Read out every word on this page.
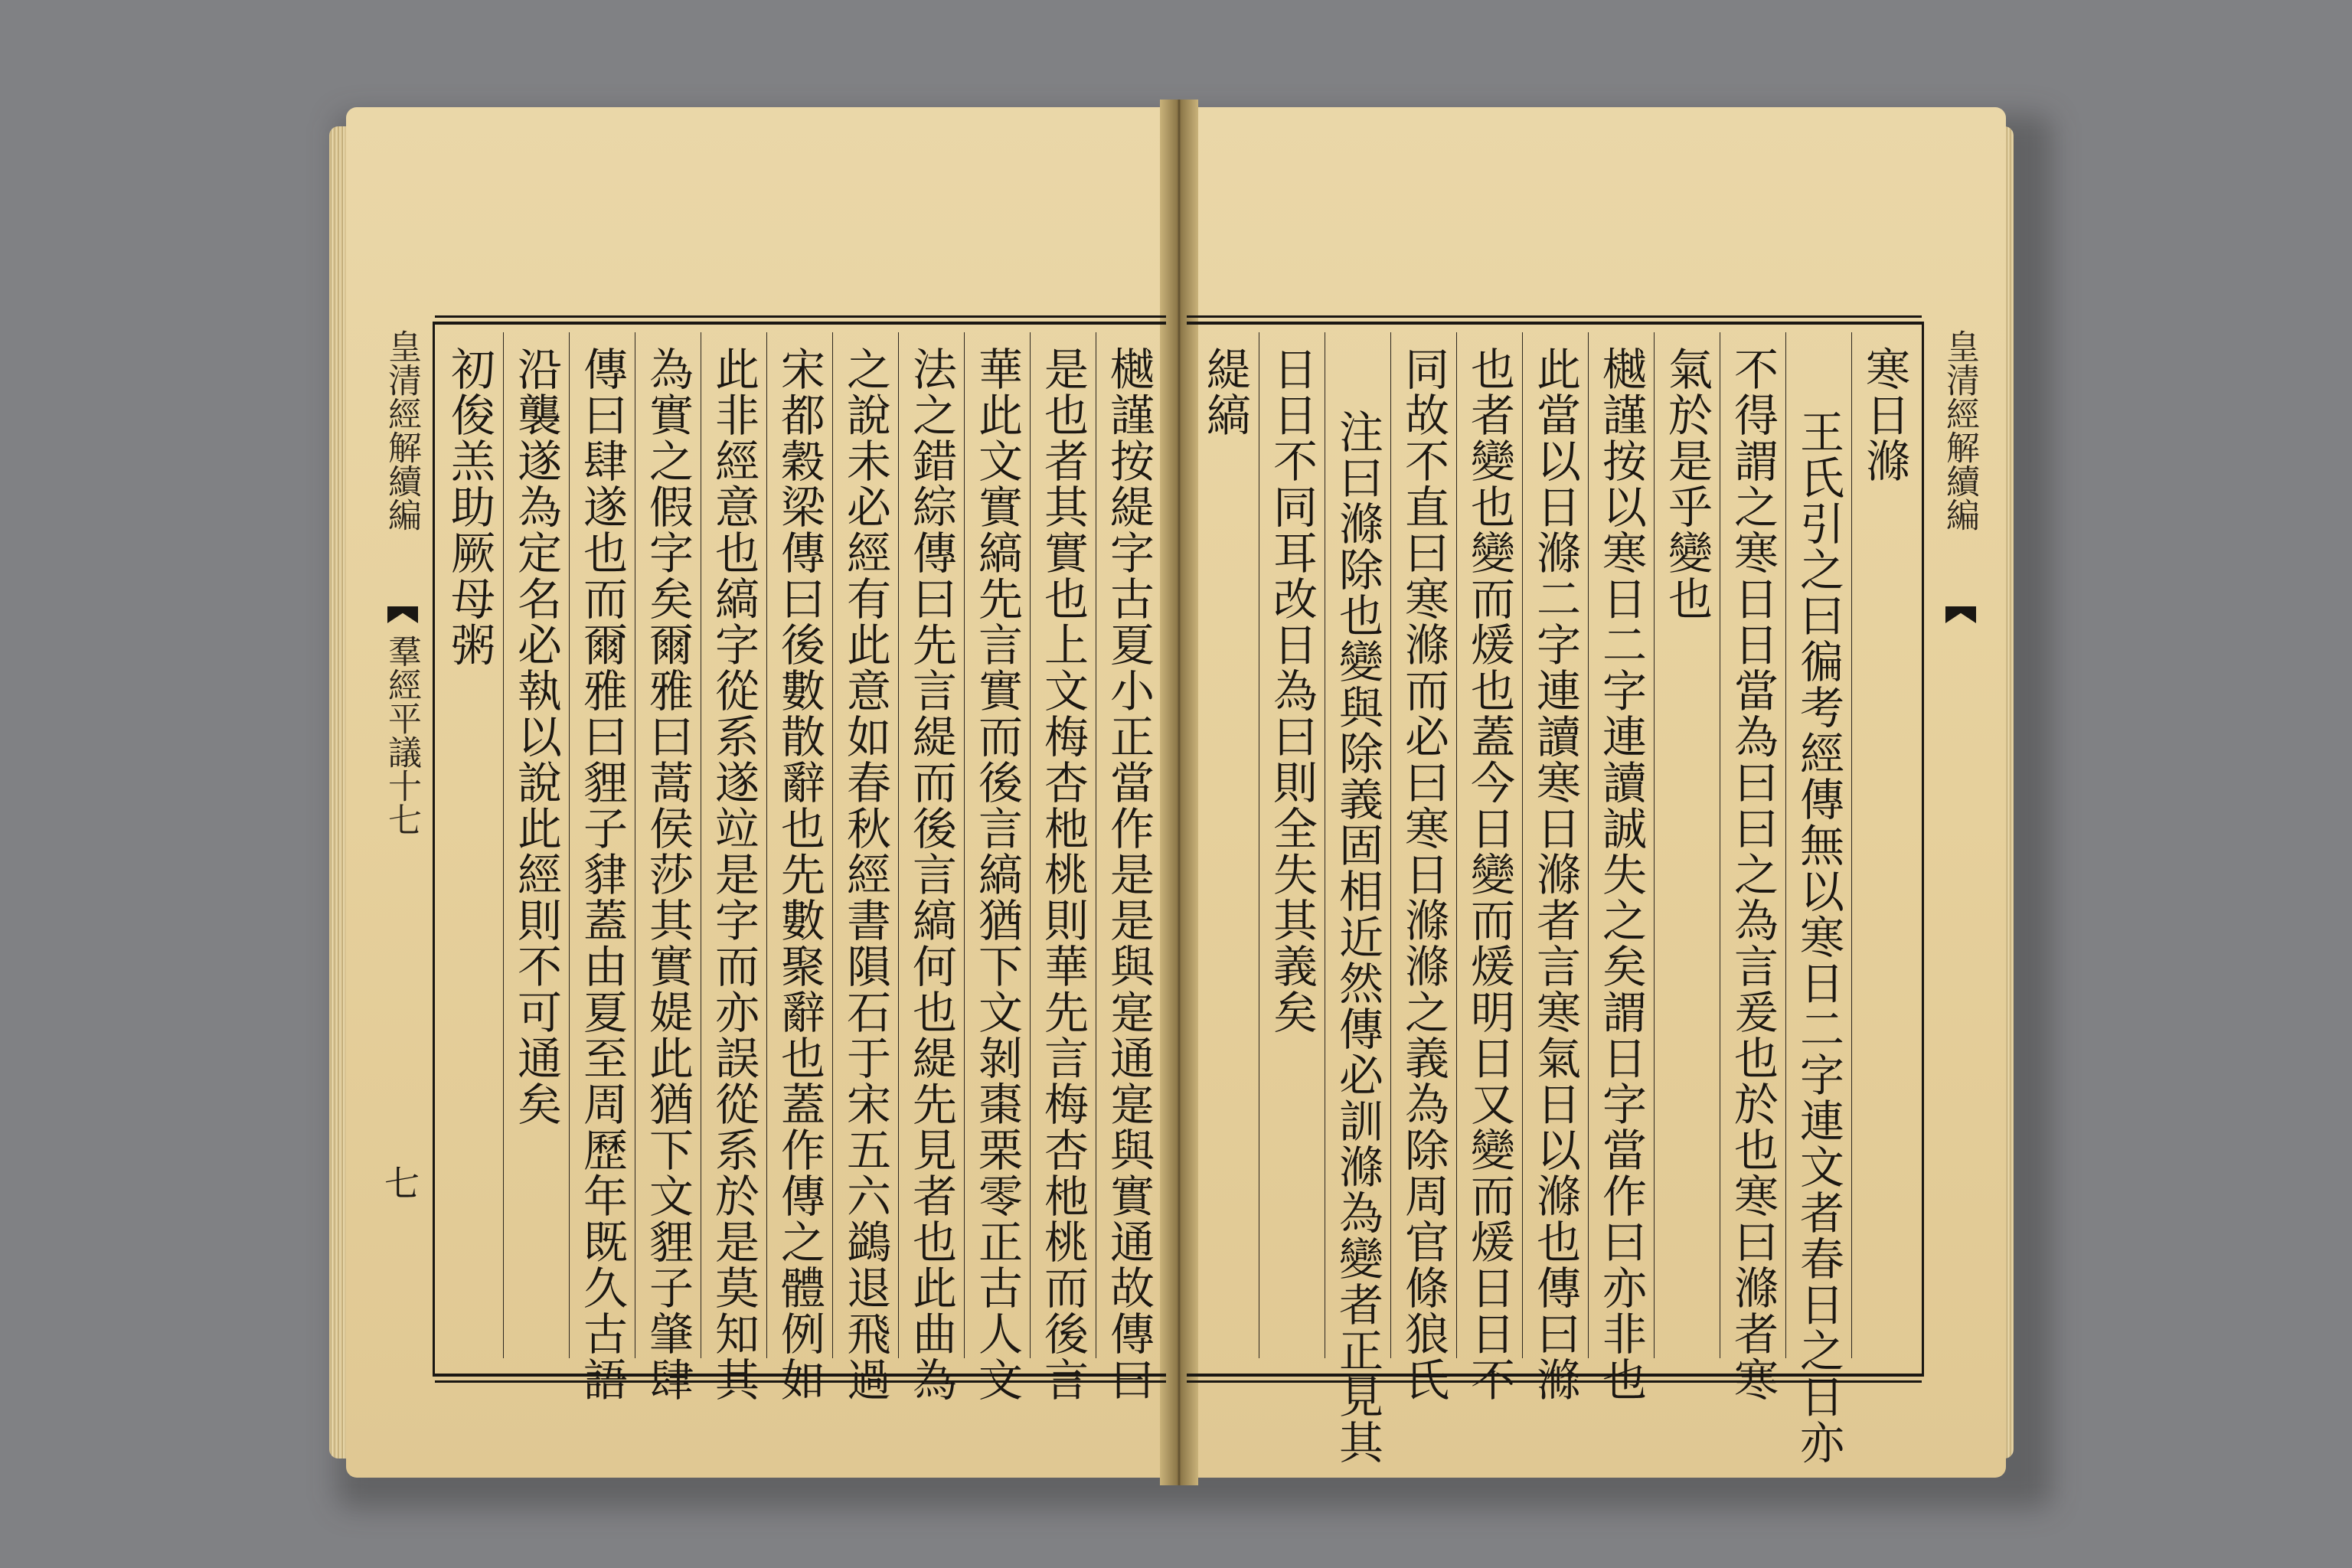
樾謹按緹字古夏小正當作是是與寔通寔與實通故傳曰
是也者其實也上文梅杏杝桃則華先言梅杏杝桃而後言
華此文實縞先言實而後言縞猶下文剝棗栗零正古人文
法之錯綜傳曰先言緹而後言縞何也緹先見者也此曲為
之說未必經有此意如春秋經書隕石于宋五六鷁退飛過
宋都穀梁傳曰後數散辭也先數聚辭也蓋作傳之體例如
此非經意也縞字從系遂竝是字而亦誤從系於是莫知其
為實之假字矣爾雅曰蒿侯莎其實媞此猶下文貍子肇肆
傳曰肆遂也而爾雅曰貍子貄蓋由夏至周歷年既久古語
沿襲遂為定名必執以說此經則不可通矣
初俊羔助厥母粥	寒日滌
王氏引之曰徧考經傳無以寒日二字連文者春日之日亦
不得謂之寒日日當為曰曰之為言爰也於也寒曰滌者寒
氣於是乎變也
樾謹按以寒日二字連讀誠失之矣謂日字當作曰亦非也
此當以日滌二字連讀寒日滌者言寒氣日以滌也傳曰滌
也者變也變而煖也蓋今日變而煖明日又變而煖日日不
同故不直曰寒滌而必曰寒日滌滌之義為除周官條狼氏
注曰滌除也變與除義固相近然傳必訓滌為變者正見其
日日不同耳改日為曰則全失其義矣
緹縞
皇清經解續編
羣經平議十七
七
皇清經解續編
